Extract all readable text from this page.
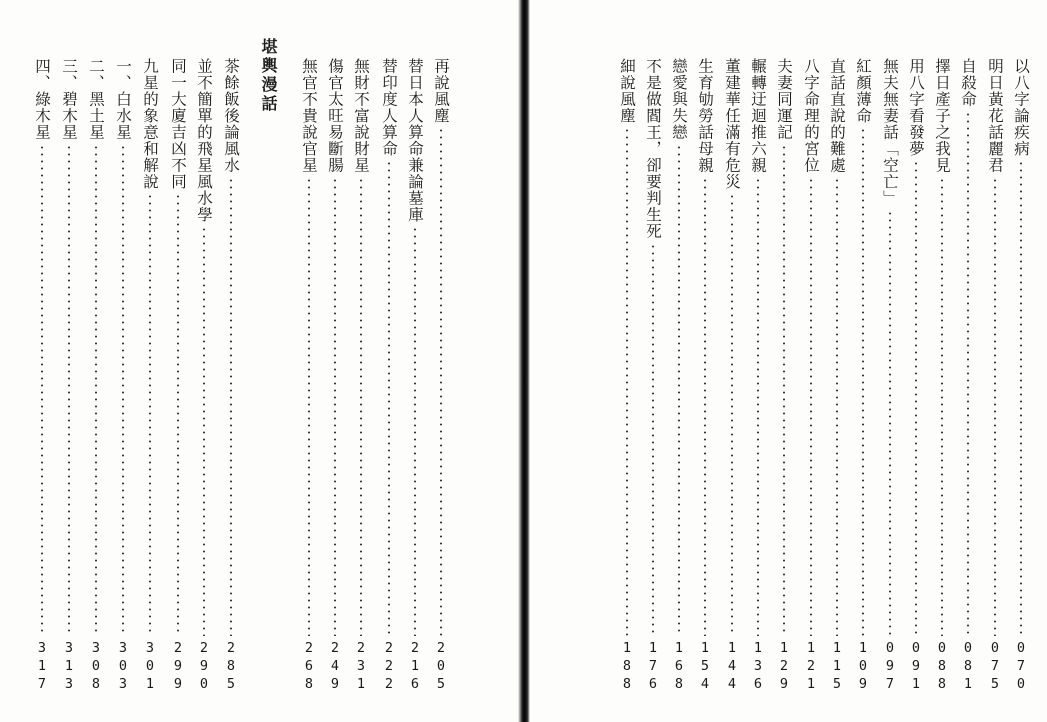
堪輿漫話	再說風塵
205
替日本人算命兼論墓庫
216
替印度人算命
222
無財不富說財星
231
傷官太旺易斷腸
249
無官不貴說官星
268
茶餘飯後論風水
285
並不簡單的飛星風水學
290
同一大廈吉凶不同
299
九星的象意和解說
301
一、白水星
303
二、黑土星
308
三、碧木星
313
四、綠木星
317
以八字論疾病
070
明日黃花話麗君
075
自殺命
081
擇日產子之我見
088
用八字看發夢
091
無夫無妻話「空亡」
097
紅顏薄命
109
直話直說的難處
115
八字命理的宮位
121
夫妻同運記
129
輾轉迂迴推六親
136
董建華任滿有危災
144
生育劬勞話母親
154
戀愛與失戀
168
不是做閻王，卻要判生死
176
細說風塵
188
